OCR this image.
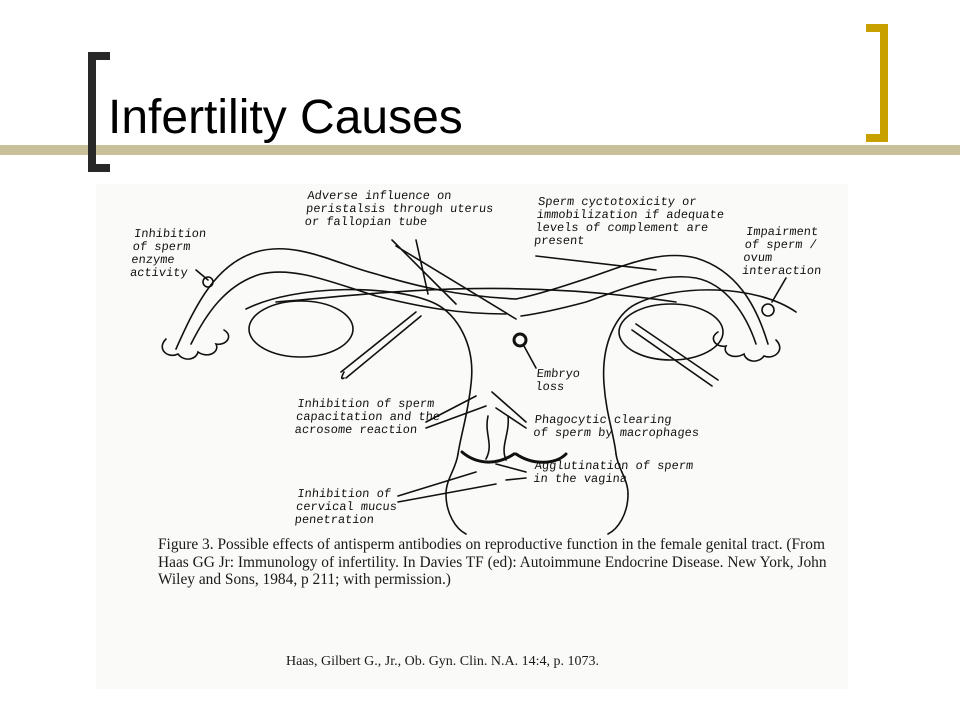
Infertility Causes
Adverse influence on
peristalsis through uterus
or fallopian tube
Sperm cyctotoxicity or
immobilization if adequate
levels of complement are
present
Inhibition
of sperm
enzyme
activity
Impairment
of sperm /
ovum
interaction
Embryo
loss
Inhibition of sperm
capacitation and the
acrosome reaction
Phagocytic clearing
of sperm by macrophages
Agglutination of sperm
in the vagina
Inhibition of
cervical mucus
penetration
Figure 3. Possible effects of antisperm antibodies on reproductive function in the female genital tract. (From Haas GG Jr: Immunology of infertility. In Davies TF (ed): Autoimmune Endocrine Disease. New York, John Wiley and Sons, 1984, p 211; with permission.)
Haas, Gilbert G., Jr., Ob. Gyn. Clin. N.A. 14:4, p. 1073.
